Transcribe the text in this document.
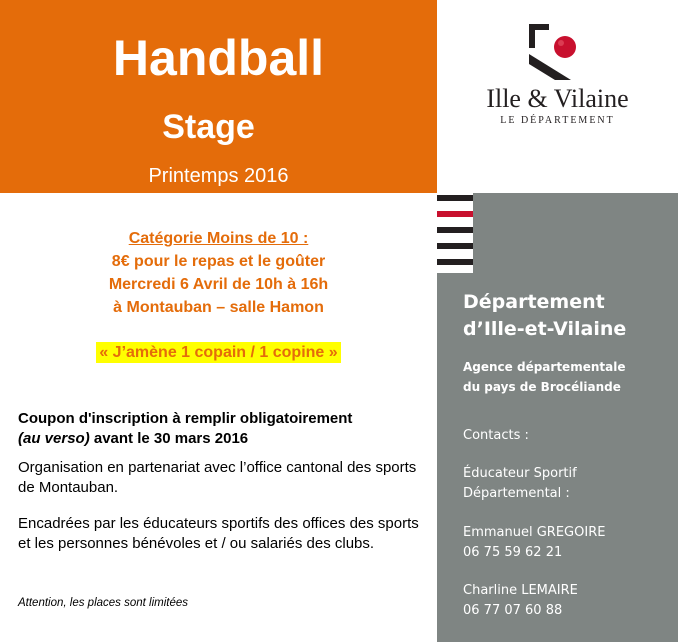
Handball
Stage
Printemps 2016
Ille & Vilaine
LE DÉPARTEMENT
Département
d’Ille-et-Vilaine
Agence départementale
du pays de Brocéliande
Contacts :
Éducateur Sportif
Départemental :
Emmanuel GREGOIRE
06 75 59 62 21
Charline LEMAIRE
06 77 07 60 88
Catégorie Moins de 10 :
8€ pour le repas et le goûter
Mercredi 6 Avril de 10h à 16h
à Montauban – salle Hamon
« J’amène 1 copain / 1 copine »
Coupon d'inscription à remplir obligatoirement
(au verso) avant le 30 mars 2016
Organisation en partenariat avec l’office cantonal des sports de Montauban.
Encadrées par les éducateurs sportifs des offices des sports et les personnes bénévoles et / ou salariés des clubs.
Attention, les places sont limitées
